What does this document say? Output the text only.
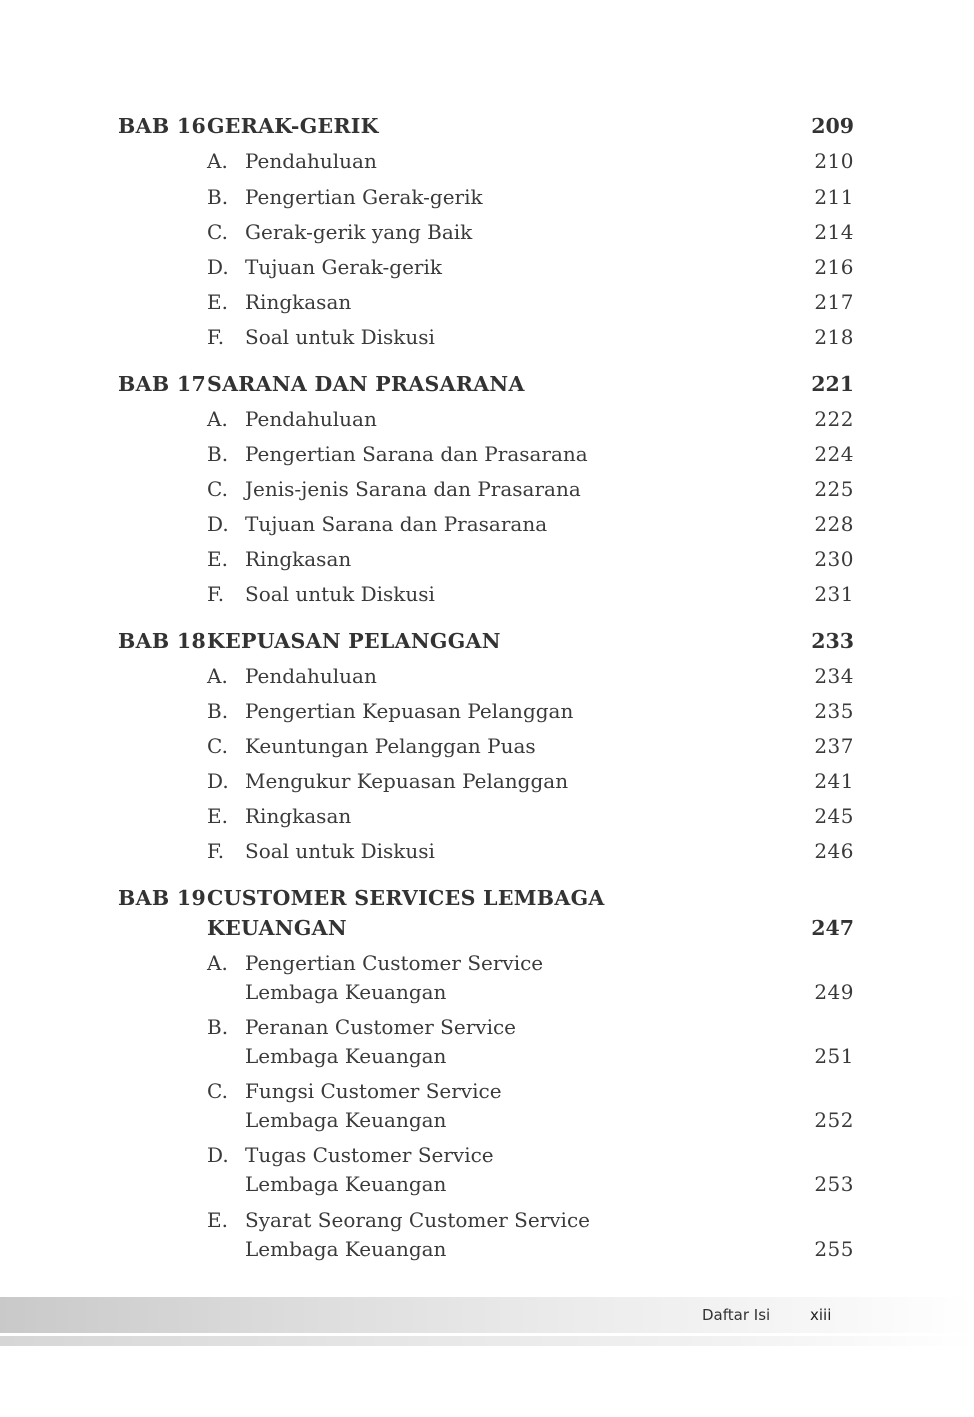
BAB 16 GERAK-GERIK	209
A. Pendahuluan	210
B. Pengertian Gerak-gerik	211
C. Gerak-gerik yang Baik	214
D. Tujuan Gerak-gerik	216
E. Ringkasan	217
F. Soal untuk Diskusi	218
BAB 17 SARANA DAN PRASARANA	221
A. Pendahuluan	222
B. Pengertian Sarana dan Prasarana	224
C. Jenis-jenis Sarana dan Prasarana	225
D. Tujuan Sarana dan Prasarana	228
E. Ringkasan	230
F. Soal untuk Diskusi	231
BAB 18 KEPUASAN PELANGGAN	233
A. Pendahuluan	234
B. Pengertian Kepuasan Pelanggan	235
C. Keuntungan Pelanggan Puas	237
D. Mengukur Kepuasan Pelanggan	241
E. Ringkasan	245
F. Soal untuk Diskusi	246
BAB 19 CUSTOMER SERVICES LEMBAGA
KEUANGAN	247
A. Pengertian Customer Service
Lembaga Keuangan	249
B. Peranan Customer Service
Lembaga Keuangan	251
C. Fungsi Customer Service
Lembaga Keuangan	252
D. Tugas Customer Service
Lembaga Keuangan	253
E. Syarat Seorang Customer Service
Lembaga Keuangan	255
Daftar Isi	xiii
